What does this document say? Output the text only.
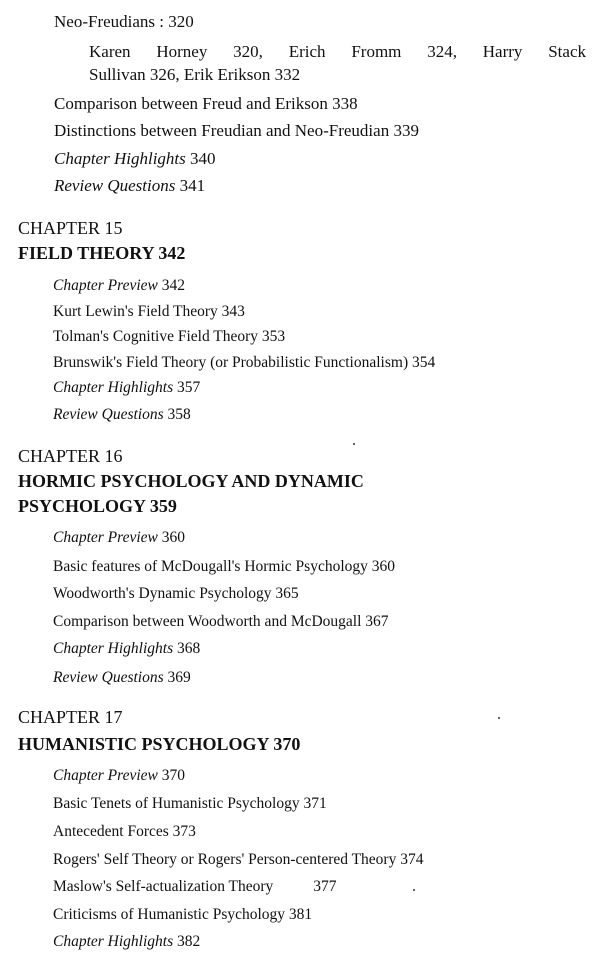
Neo-Freudians : 320
Karen Horney 320, Erich Fromm 324, Harry Stack
Sullivan 326, Erik Erikson 332
Comparison between Freud and Erikson 338
Distinctions between Freudian and Neo-Freudian 339
Chapter Highlights 340
Review Questions 341
CHAPTER 15
FIELD THEORY 342
Chapter Preview 342
Kurt Lewin's Field Theory 343
Tolman's Cognitive Field Theory 353
Brunswik's Field Theory (or Probabilistic Functionalism) 354
Chapter Highlights 357
Review Questions 358
CHAPTER 16
HORMIC PSYCHOLOGY AND DYNAMIC
PSYCHOLOGY 359
Chapter Preview 360
Basic features of McDougall's Hormic Psychology 360
Woodworth's Dynamic Psychology 365
Comparison between Woodworth and McDougall 367
Chapter Highlights 368
Review Questions 369
CHAPTER 17
HUMANISTIC PSYCHOLOGY 370
Chapter Preview 370
Basic Tenets of Humanistic Psychology 371
Antecedent Forces 373
Rogers' Self Theory or Rogers' Person-centered Theory 374
Maslow's Self-actualization Theory	377
Criticisms of Humanistic Psychology 381
Chapter Highlights 382
